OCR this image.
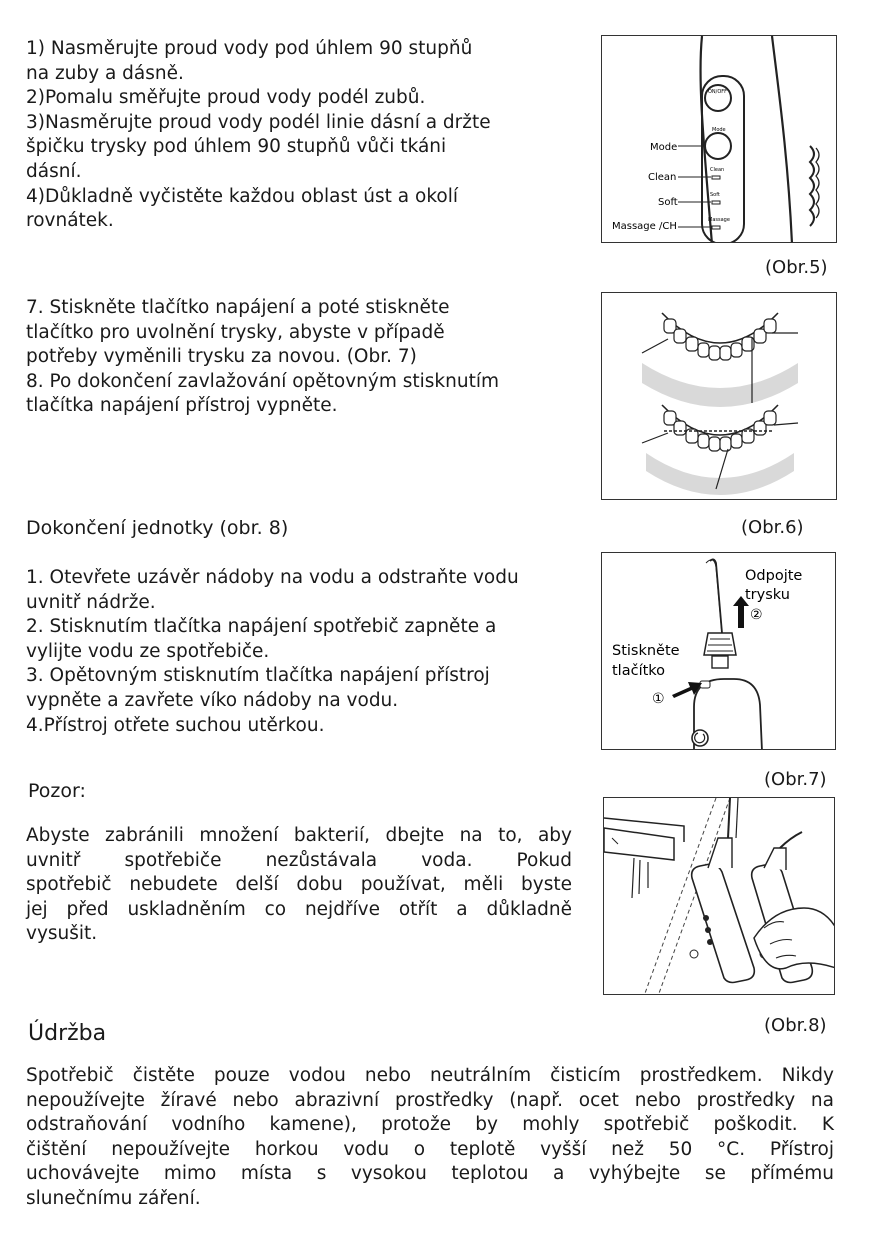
1) Nasměrujte proud vody pod úhlem 90 stupňů
na zuby a dásně.
2)Pomalu směřujte proud vody podél zubů.
3)Nasměrujte proud vody podél linie dásní a držte
špičku trysky pod úhlem 90 stupňů vůči tkáni
dásní.
4)Důkladně vyčistěte každou oblast úst a okolí
rovnátek.
ON/OFF
Mode
Clean
Soft
Massage
Mode
Clean
Soft
Massage /CH
(Obr.5)
7. Stiskněte tlačítko napájení a poté stiskněte
tlačítko pro uvolnění trysky, abyste v případě
potřeby vyměnili trysku za novou. (Obr. 7)
8. Po dokončení zavlažování opětovným stisknutím
tlačítka napájení přístroj vypněte.
Dokončení jednotky (obr. 8)	(Obr.6)
1. Otevřete uzávěr nádoby na vodu a odstraňte vodu
uvnitř nádrže.
2. Stisknutím tlačítka napájení spotřebič zapněte a
vylijte vodu ze spotřebiče.
3. Opětovným stisknutím tlačítka napájení přístroj
vypněte a zavřete víko nádoby na vodu.
4.Přístroj otřete suchou utěrkou.
②
Odpojte
trysku
Stiskněte
tlačítko
①
(Obr.7)
Pozor:
Abyste zabránili množení bakterií, dbejte na to, aby
uvnitř spotřebiče nezůstávala voda. Pokud
spotřebič nebudete delší dobu používat, měli byste
jej před uskladněním co nejdříve otřít a důkladně
vysušit.
Údržba	(Obr.8)
Spotřebič čistěte pouze vodou nebo neutrálním čisticím prostředkem. Nikdy
nepoužívejte žíravé nebo abrazivní prostředky (např. ocet nebo prostředky na
odstraňování vodního kamene), protože by mohly spotřebič poškodit. K
čištění nepoužívejte horkou vodu o teplotě vyšší než 50 °C. Přístroj
uchovávejte mimo místa s vysokou teplotou a vyhýbejte se přímému
slunečnímu záření.
